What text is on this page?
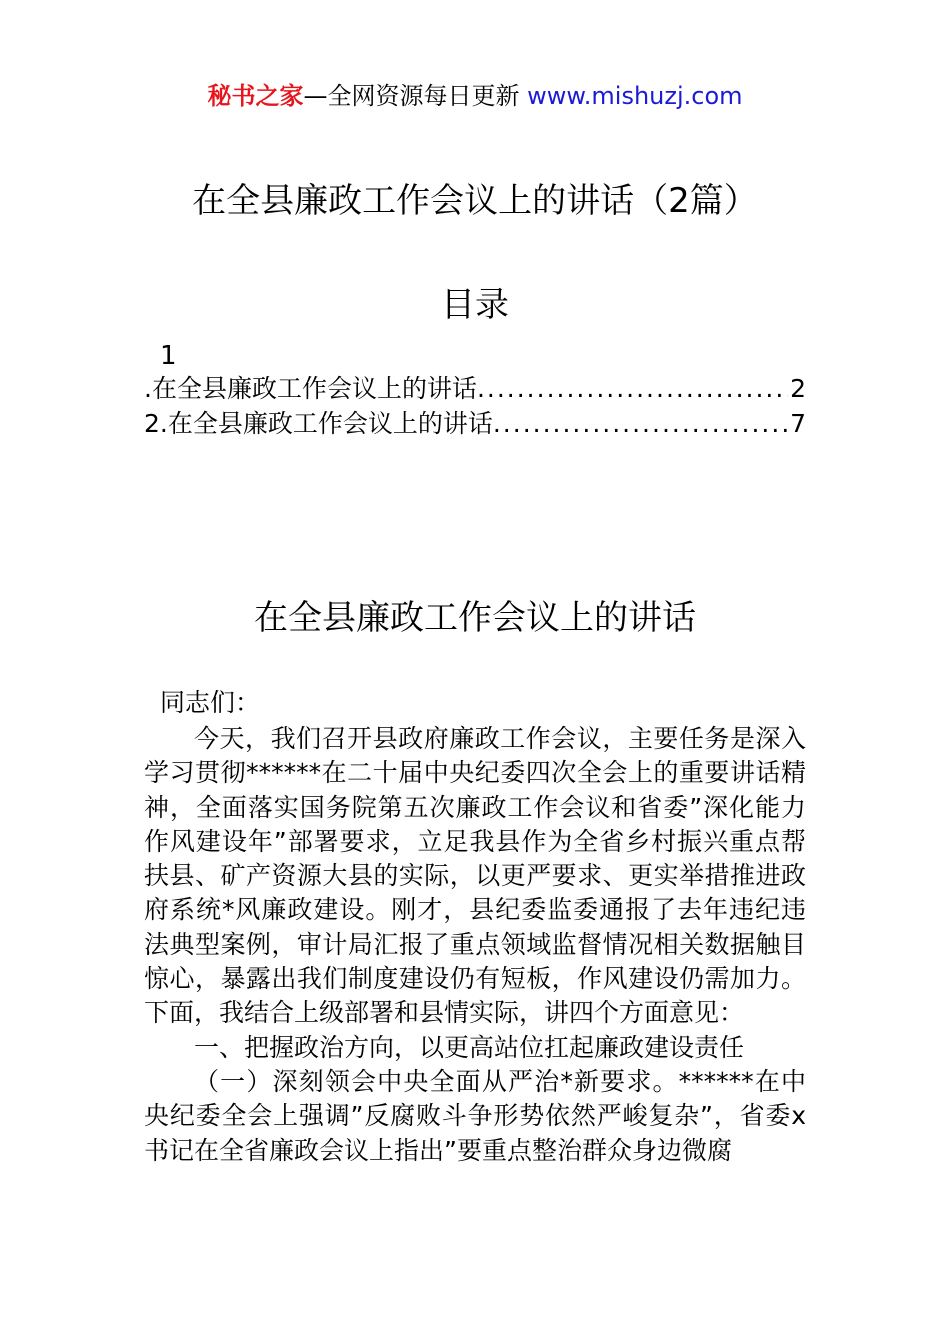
秘书之家—全网资源每日更新 www.mishuzj.com
在全县廉政工作会议上的讲话（2篇）
目录
1
.在全县廉政工作会议上的讲话 .....	2
2.在全县廉政工作会议上的讲话 .....	7
在全县廉政工作会议上的讲话
同志们：

今天，我们召开县政府廉政工作会议，主要任务是深入学习贯彻******在二十届中央纪委四次全会上的重要讲话精神，全面落实国务院第五次廉政工作会议和省委”深化能力作风建设年”部署要求，立足我县作为全省乡村振兴重点帮扶县、矿产资源大县的实际，以更严要求、更实举措推进政府系统*风廉政建设。刚才，县纪委监委通报了去年违纪违法典型案例，审计局汇报了重点领域监督情况相关数据触目惊心，暴露出我们制度建设仍有短板，作风建设仍需加力。下面，我结合上级部署和县情实际，讲四个方面意见：

一、把握政治方向，以更高站位扛起廉政建设责任

（一）深刻领会中央全面从严治*新要求。******在中央纪委全会上强调”反腐败斗争形势依然严峻复杂”，省委x书记在全省廉政会议上指出”要重点整治群众身边微腐
